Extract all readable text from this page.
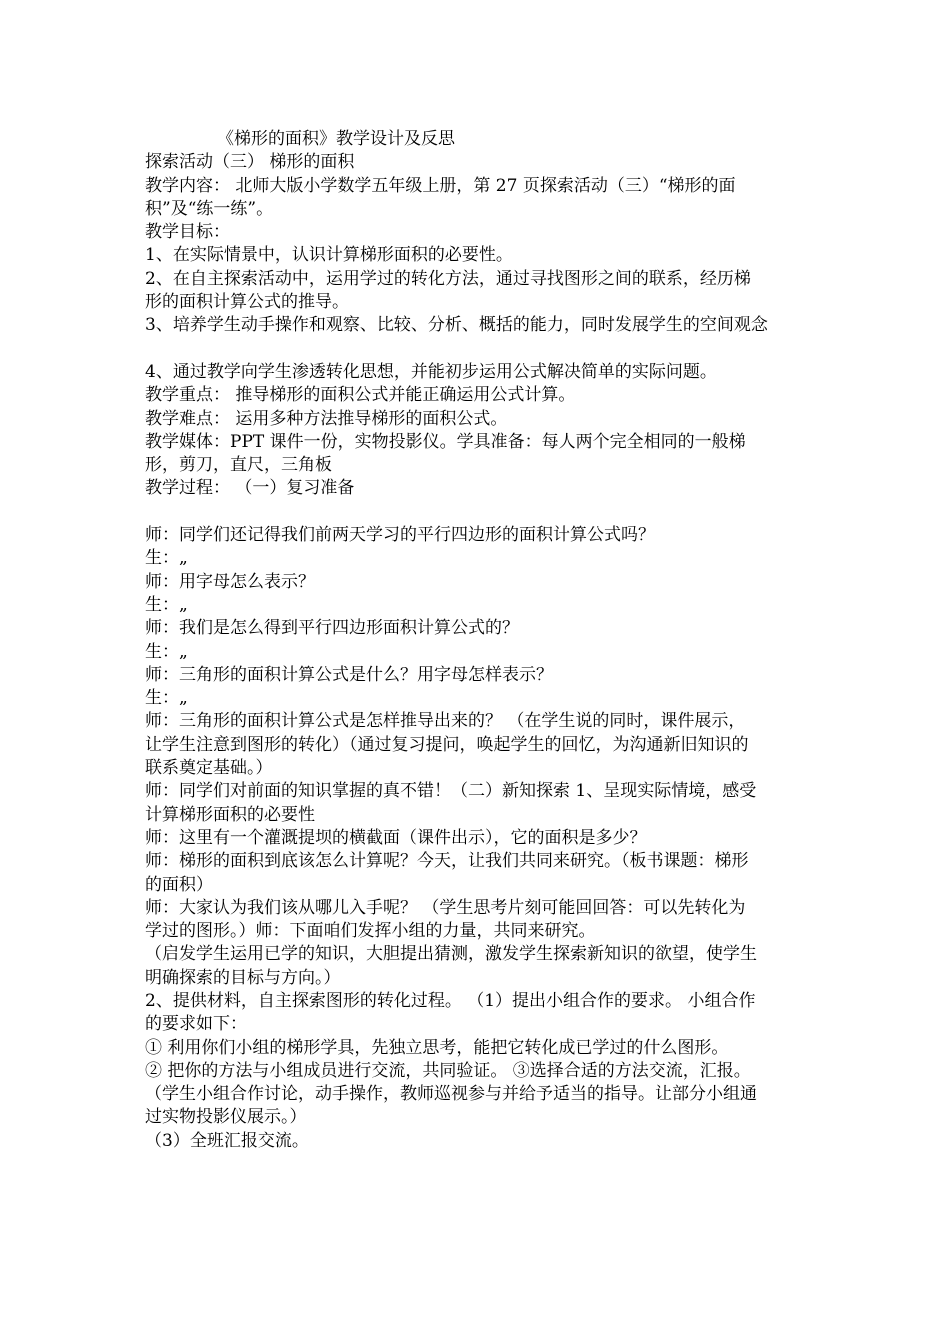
《梯形的面积》教学设计及反思
探索活动（三） 梯形的面积
教学内容： 北师大版小学数学五年级上册，第 27 页探索活动（三）“梯形的面
积”及“练一练”。
教学目标：
1、在实际情景中，认识计算梯形面积的必要性。
2、在自主探索活动中，运用学过的转化方法，通过寻找图形之间的联系，经历梯
形的面积计算公式的推导。
3、培养学生动手操作和观察、比较、分析、概括的能力，同时发展学生的空间观念
4、通过教学向学生渗透转化思想，并能初步运用公式解决简单的实际问题。
教学重点： 推导梯形的面积公式并能正确运用公式计算。
教学难点： 运用多种方法推导梯形的面积公式。
教学媒体：PPT 课件一份，实物投影仪。学具准备：每人两个完全相同的一般梯
形，剪刀，直尺，三角板
教学过程： （一）复习准备
师：同学们还记得我们前两天学习的平行四边形的面积计算公式吗？
生：„
师：用字母怎么表示？
生：„
师：我们是怎么得到平行四边形面积计算公式的？
生：„
师：三角形的面积计算公式是什么？用字母怎样表示？
生：„
师：三角形的面积计算公式是怎样推导出来的？ （在学生说的同时，课件展示，
让学生注意到图形的转化）（通过复习提问，唤起学生的回忆，为沟通新旧知识的
联系奠定基础。）
师：同学们对前面的知识掌握的真不错！（二）新知探索 1、呈现实际情境，感受
计算梯形面积的必要性
师：这里有一个灌溉提坝的横截面（课件出示），它的面积是多少？
师：梯形的面积到底该怎么计算呢？今天，让我们共同来研究。（板书课题：梯形
的面积）
师：大家认为我们该从哪儿入手呢？ （学生思考片刻可能回回答：可以先转化为
学过的图形。）师：下面咱们发挥小组的力量，共同来研究。
（启发学生运用已学的知识，大胆提出猜测，激发学生探索新知识的欲望，使学生
明确探索的目标与方向。）
2、提供材料，自主探索图形的转化过程。 （1）提出小组合作的要求。 小组合作
的要求如下：
① 利用你们小组的梯形学具，先独立思考，能把它转化成已学过的什么图形。
② 把你的方法与小组成员进行交流，共同验证。 ③选择合适的方法交流，汇报。
（学生小组合作讨论，动手操作，教师巡视参与并给予适当的指导。让部分小组通
过实物投影仪展示。）
（3）全班汇报交流。
